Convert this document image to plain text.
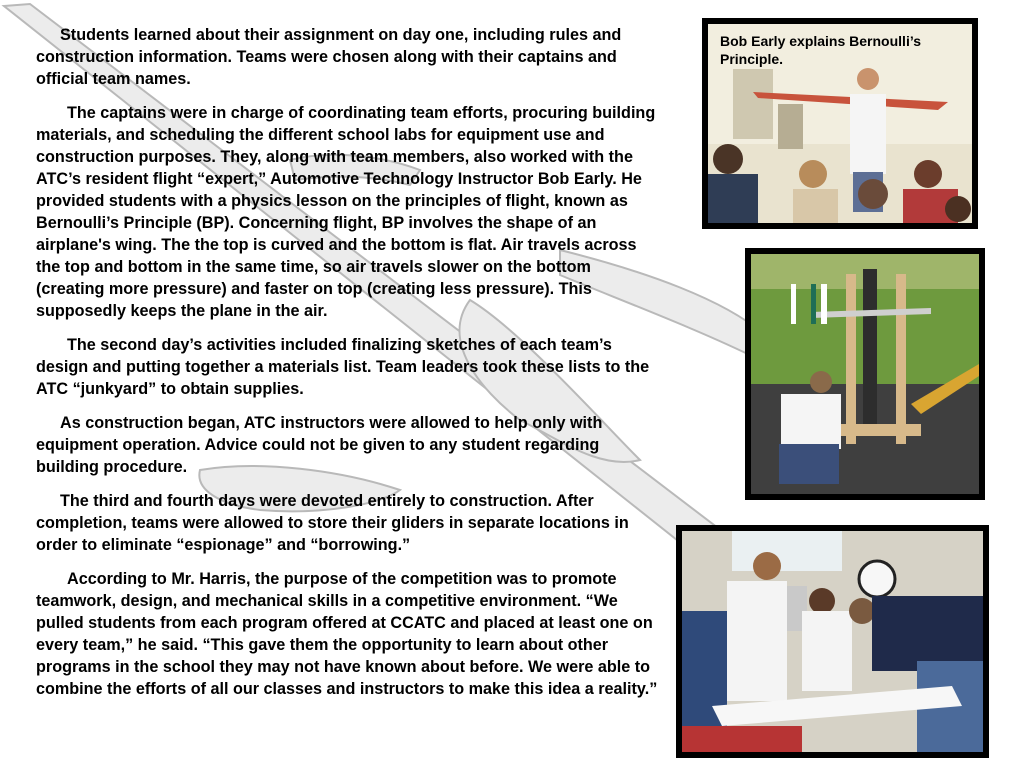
Students learned about their assignment on day one, including rules and construction information. Teams were chosen along with their captains and official team names.

The captains were in charge of coordinating team efforts, procuring building materials, and scheduling the different school labs for equipment use and construction purposes. They, along with team members, also worked with the ATC’s resident flight “expert,” Automotive Technology Instructor Bob Early. He provided students with a physics lesson on the principles of flight, known as Bernoulli’s Principle (BP). Concerning flight, BP involves the shape of an airplane's wing. The the top is curved and the bottom is flat. Air travels across the top and bottom in the same time, so air travels slower on the bottom (creating more pressure) and faster on top (creating less pressure). This supposedly keeps the plane in the air.

The second day’s activities included finalizing sketches of each team’s design and putting together a materials list. Team leaders took these lists to the ATC “junkyard” to obtain supplies.

As construction began, ATC instructors were allowed to help only with equipment operation. Advice could not be given to any student regarding building procedure.

The third and fourth days were devoted entirely to construction. After completion, teams were allowed to store their gliders in separate locations in order to eliminate “espionage” and “borrowing.”

According to Mr. Harris, the purpose of the competition was to promote teamwork, design, and mechanical skills in a competitive environment. “We pulled students from each program offered at CCATC and placed at least one on every team,” he said. “This gave them the opportunity to learn about other programs in the school they may not have known about before. We were able to combine the efforts of all our classes and instructors to make this idea a reality.”

Bob Early explains Bernoulli’s Principle.
